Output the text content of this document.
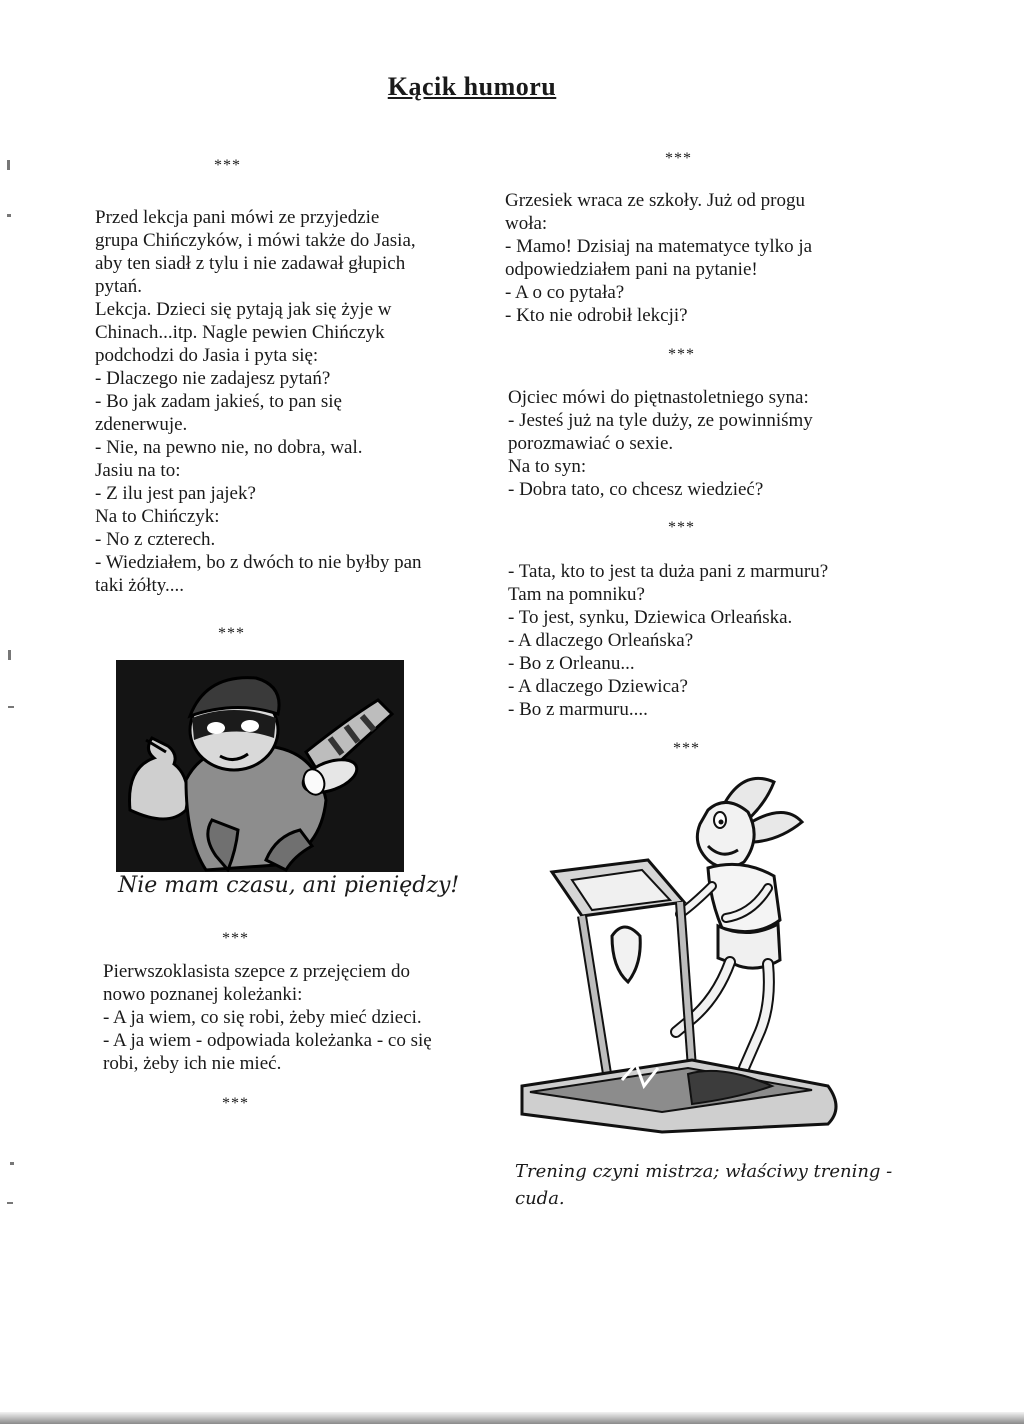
Kącik humoru
***
Przed lekcja pani mówi ze przyjedzie
grupa Chińczyków, i mówi także do Jasia,
aby ten siadł z tylu i nie zadawał głupich
pytań.
Lekcja. Dzieci się pytają jak się żyje w
Chinach...itp. Nagle pewien Chińczyk
podchodzi do Jasia i pyta się:
- Dlaczego nie zadajesz pytań?
- Bo jak zadam jakieś, to pan się
zdenerwuje.
- Nie, na pewno nie, no dobra, wal.
Jasiu na to:
- Z ilu jest pan jajek?
Na to Chińczyk:
- No z czterech.
- Wiedziałem, bo z dwóch to nie byłby pan
taki żółty....
***
Nie mam czasu, ani pieniędzy!
***
Pierwszoklasista szepce z przejęciem do
nowo poznanej koleżanki:
- A ja wiem, co się robi, żeby mieć dzieci.
- A ja wiem - odpowiada koleżanka - co się
robi, żeby ich nie mieć.
***
***
Grzesiek wraca ze szkoły. Już od progu
woła:
- Mamo! Dzisiaj na matematyce tylko ja
odpowiedziałem pani na pytanie!
- A o co pytała?
- Kto nie odrobił lekcji?
***
Ojciec mówi do piętnastoletniego syna:
- Jesteś już na tyle duży, ze powinniśmy
porozmawiać o sexie.
Na to syn:
- Dobra tato, co chcesz wiedzieć?
***
- Tata, kto to jest ta duża pani z marmuru?
Tam na pomniku?
- To jest, synku, Dziewica Orleańska.
- A dlaczego Orleańska?
- Bo z Orleanu...
- A dlaczego Dziewica?
- Bo z marmuru....
***
Trening czyni mistrza; właściwy trening -
cuda.
